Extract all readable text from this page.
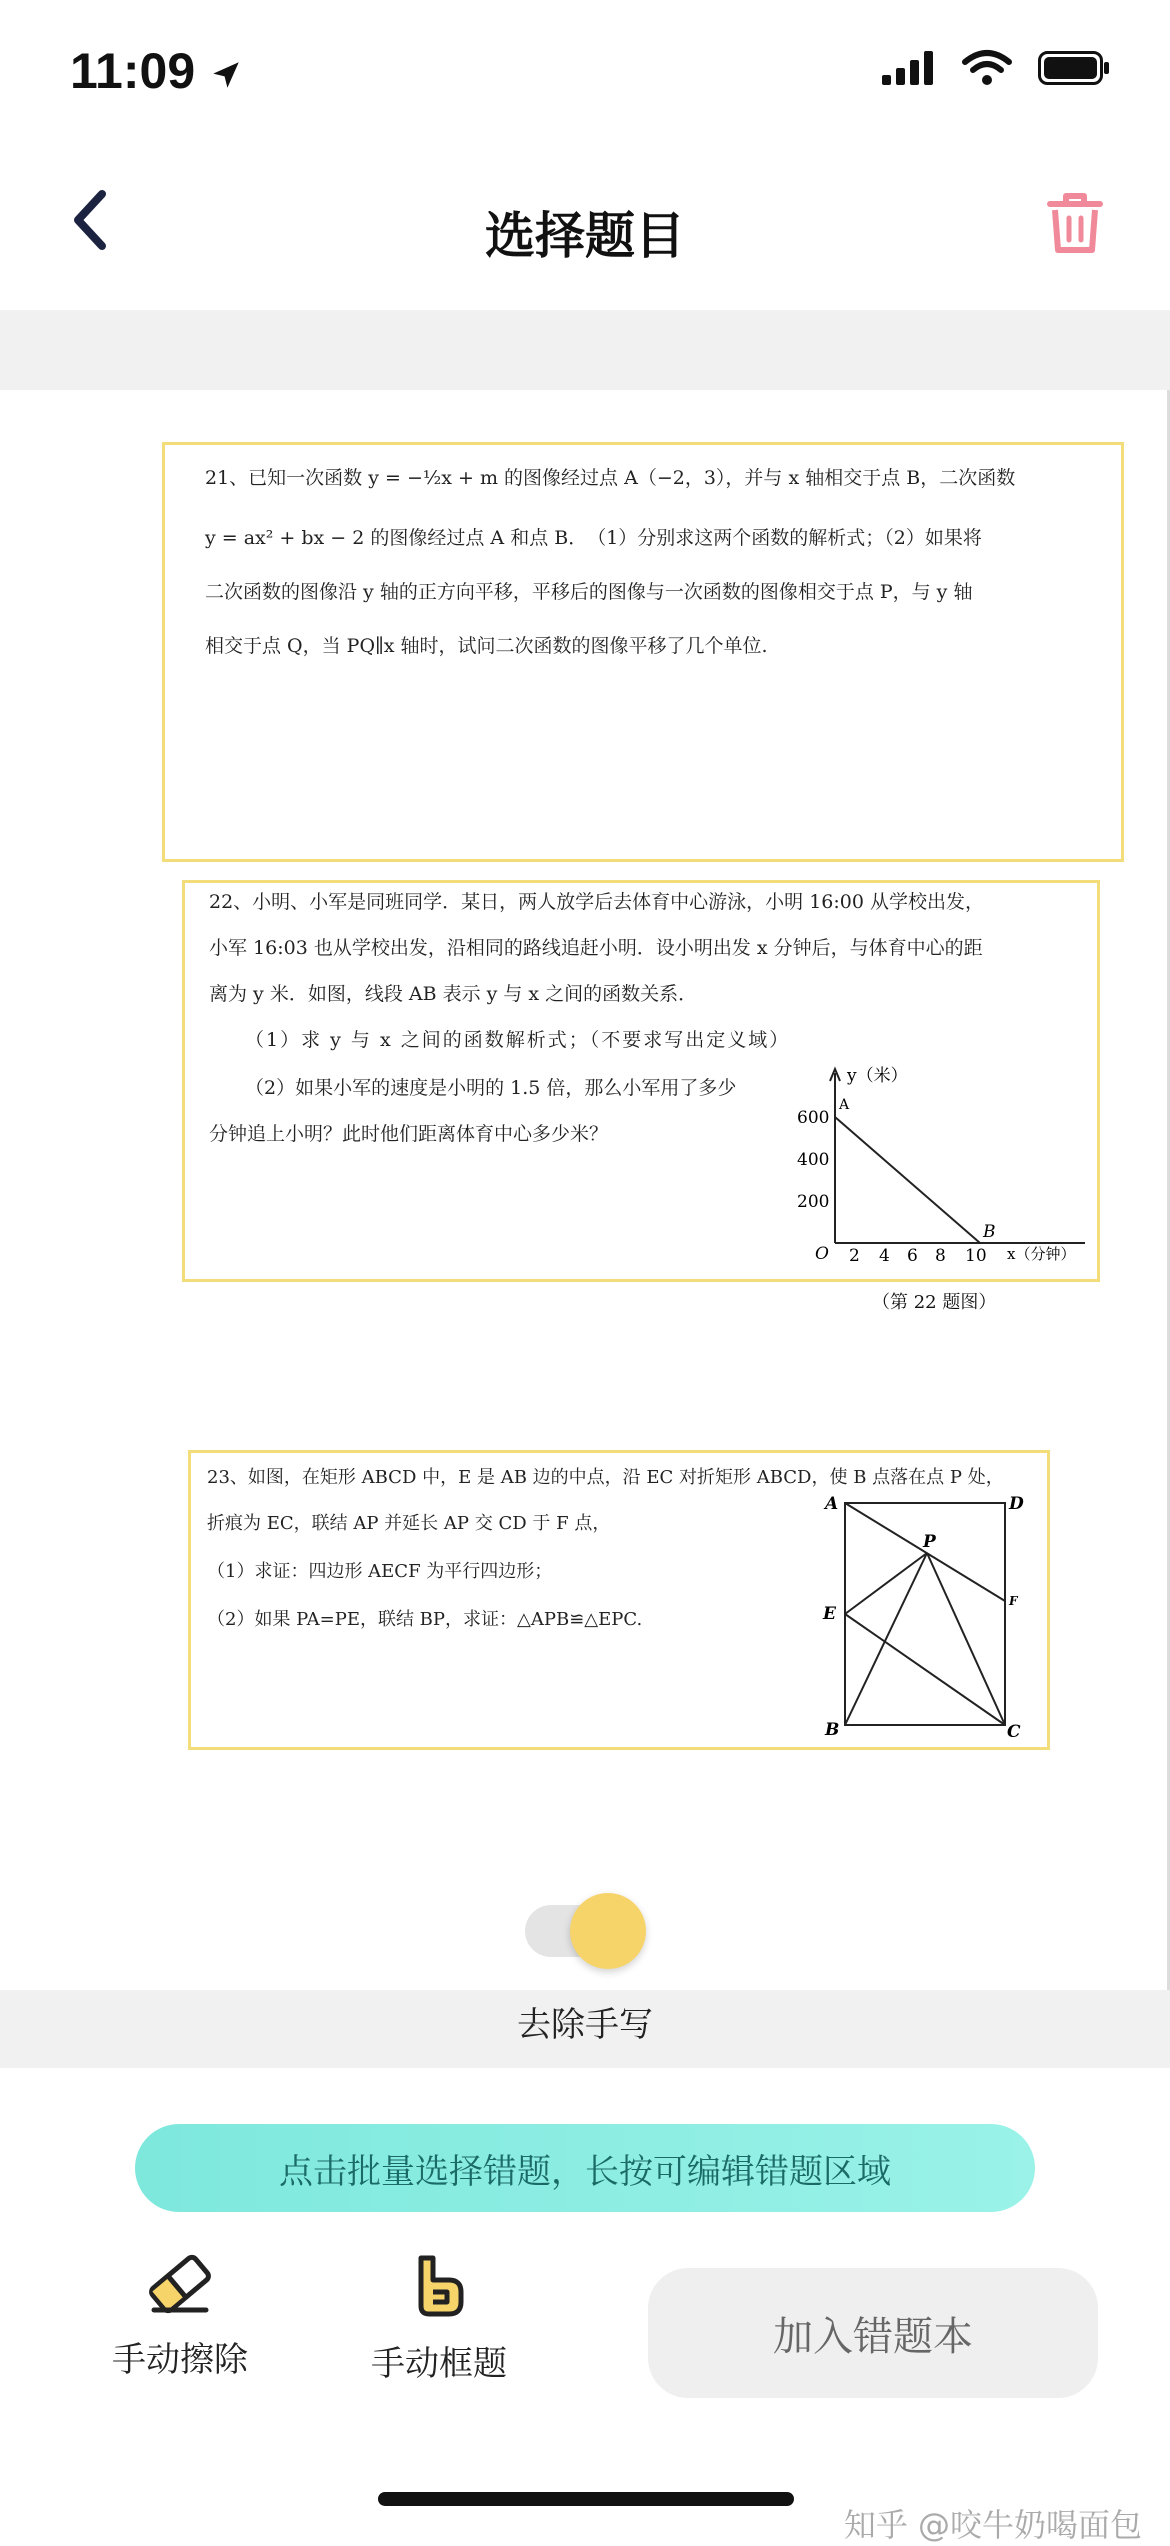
11:09
选择题目
21、已知一次函数 y = −½x + m 的图像经过点 A（−2，3），并与 x 轴相交于点 B，二次函数
y = ax² + bx − 2 的图像经过点 A 和点 B．　（1）分别求这两个函数的解析式；（2）如果将
二次函数的图像沿 y 轴的正方向平移，平移后的图像与一次函数的图像相交于点 P，与 y 轴
相交于点 Q，当 PQ∥x 轴时，试问二次函数的图像平移了几个单位.
22、小明、小军是同班同学．某日，两人放学后去体育中心游泳，小明 16:00 从学校出发，
小军 16:03 也从学校出发，沿相同的路线追赶小明．设小明出发 x 分钟后，与体育中心的距
离为 y 米．如图，线段 AB 表示 y 与 x 之间的函数关系．
（1）求 y 与 x 之间的函数解析式；（不要求写出定义域）
（2）如果小军的速度是小明的 1.5 倍，那么小军用了多少
分钟追上小明？此时他们距离体育中心多少米？
y（米）
A
600
400
200
O 2 4 6 8 10
B
x（分钟）
（第 22 题图）
23、如图，在矩形 ABCD 中，E 是 AB 边的中点，沿 EC 对折矩形 ABCD，使 B 点落在点 P 处，
折痕为 EC，联结 AP 并延长 AP 交 CD 于 F 点，
（1）求证：四边形 AECF 为平行四边形；
（2）如果 PA=PE，联结 BP，求证：△APB≌△EPC.
A	D
E
P
F
B	C
去除手写
点击批量选择错题，长按可编辑错题区域
手动擦除	手动框题
加入错题本
知乎 @咬牛奶喝面包
